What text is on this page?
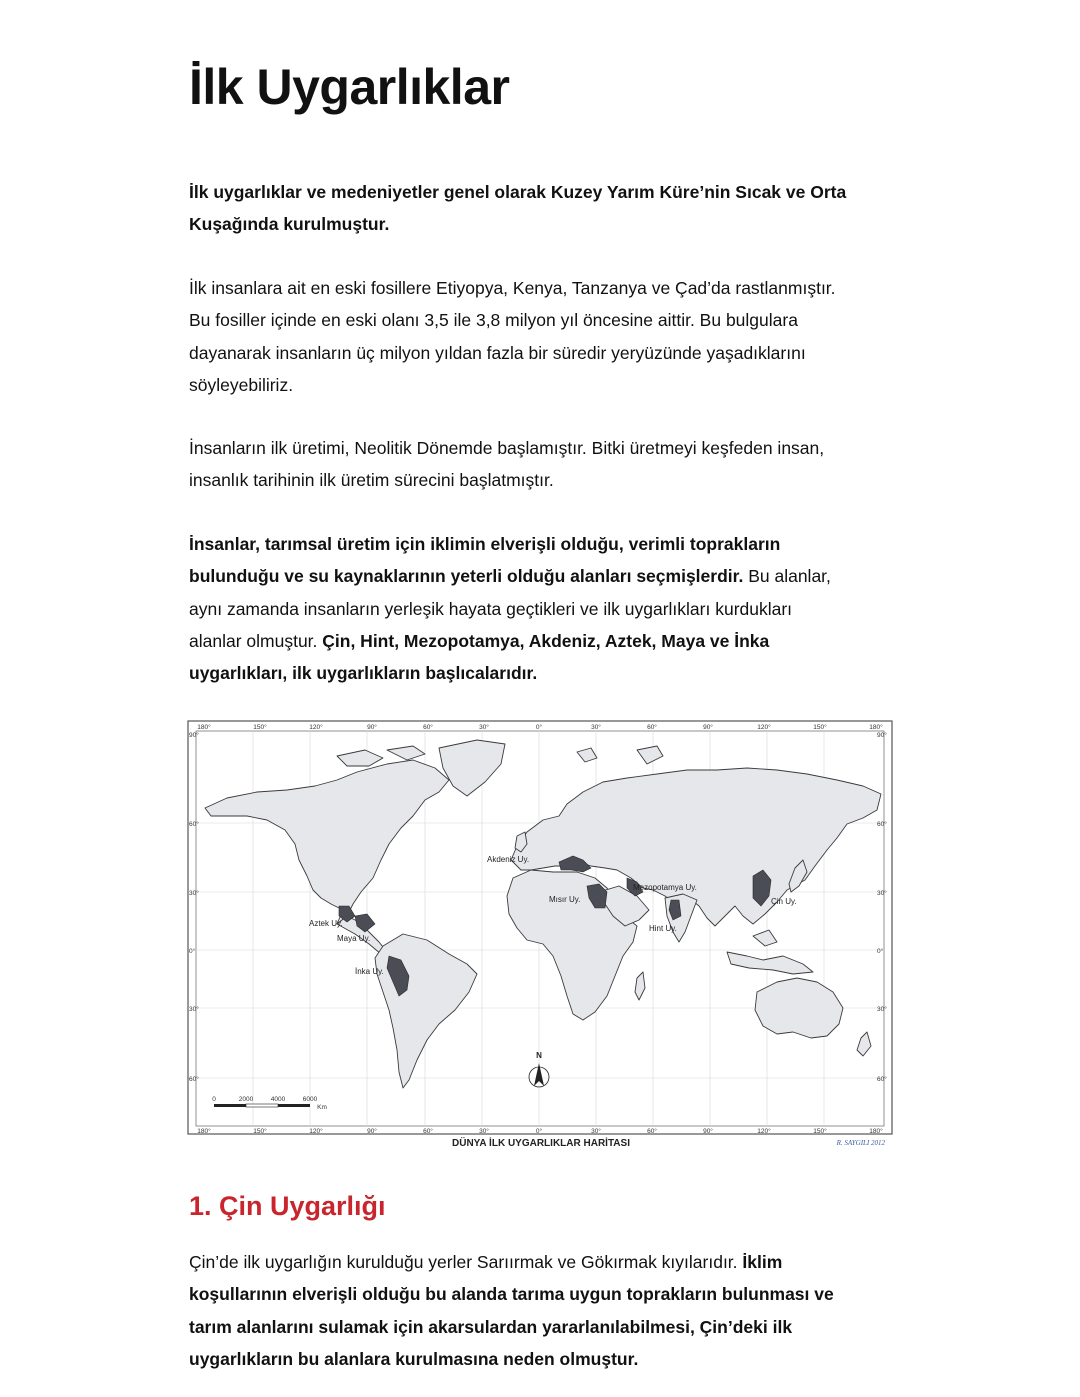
İlk Uygarlıklar

İlk uygarlıklar ve medeniyetler genel olarak Kuzey Yarım Küre’nin Sıcak ve Orta Kuşağında kurulmuştur.

İlk insanlara ait en eski fosillere Etiyopya, Kenya, Tanzanya ve Çad’da rastlanmıştır.
Bu fosiller içinde en eski olanı 3,5 ile 3,8 milyon yıl öncesine aittir. Bu bulgulara
dayanarak insanların üç milyon yıldan fazla bir süredir yeryüzünde yaşadıklarını
söyleyebiliriz.
İnsanların ilk üretimi, Neolitik Dönemde başlamıştır. Bitki üretmeyi keşfeden insan,
insanlık tarihinin ilk üretim sürecini başlatmıştır.
İnsanlar, tarımsal üretim için iklimin elverişli olduğu, verimli toprakların
bulunduğu ve su kaynaklarının yeterli olduğu alanları seçmişlerdir. Bu alanlar,
aynı zamanda insanların yerleşik hayata geçtikleri ve ilk uygarlıkları kurdukları
alanlar olmuştur. Çin, Hint, Mezopotamya, Akdeniz, Aztek, Maya ve İnka
uygarlıkları, ilk uygarlıkların başlıcalarıdır.
1. Çin Uygarlığı
Çin’de ilk uygarlığın kurulduğu yerler Sarıırmak ve Gökırmak kıyılarıdır. İklim
koşullarının elverişli olduğu bu alanda tarıma uygun toprakların bulunması ve
tarım alanlarını sulamak için akarsulardan yararlanılabilmesi, Çin’deki ilk
uygarlıkların bu alanlara kurulmasına neden olmuştur.
Akdeniz Uy.
Mısır Uy.
Mezopotamya Uy.
Çin Uy.
Hint Uy.
Aztek Uy.
Maya Uy.
İnka Uy.
180°	150°	120°	90°	60°	30°	0°	30°	60°	90°	120°	150°	180°
180°	150°	120°	90°	60°	30°	0°	30°	60°	90°	120°	150°	180°
90°
60°
30°
0°
30°
60°
90°
60°
30°
0°
30°
60°
0	2000	4000	6000
Km
N
DÜNYA İLK UYGARLIKLAR HARİTASI	R. SAYGILI 2012
